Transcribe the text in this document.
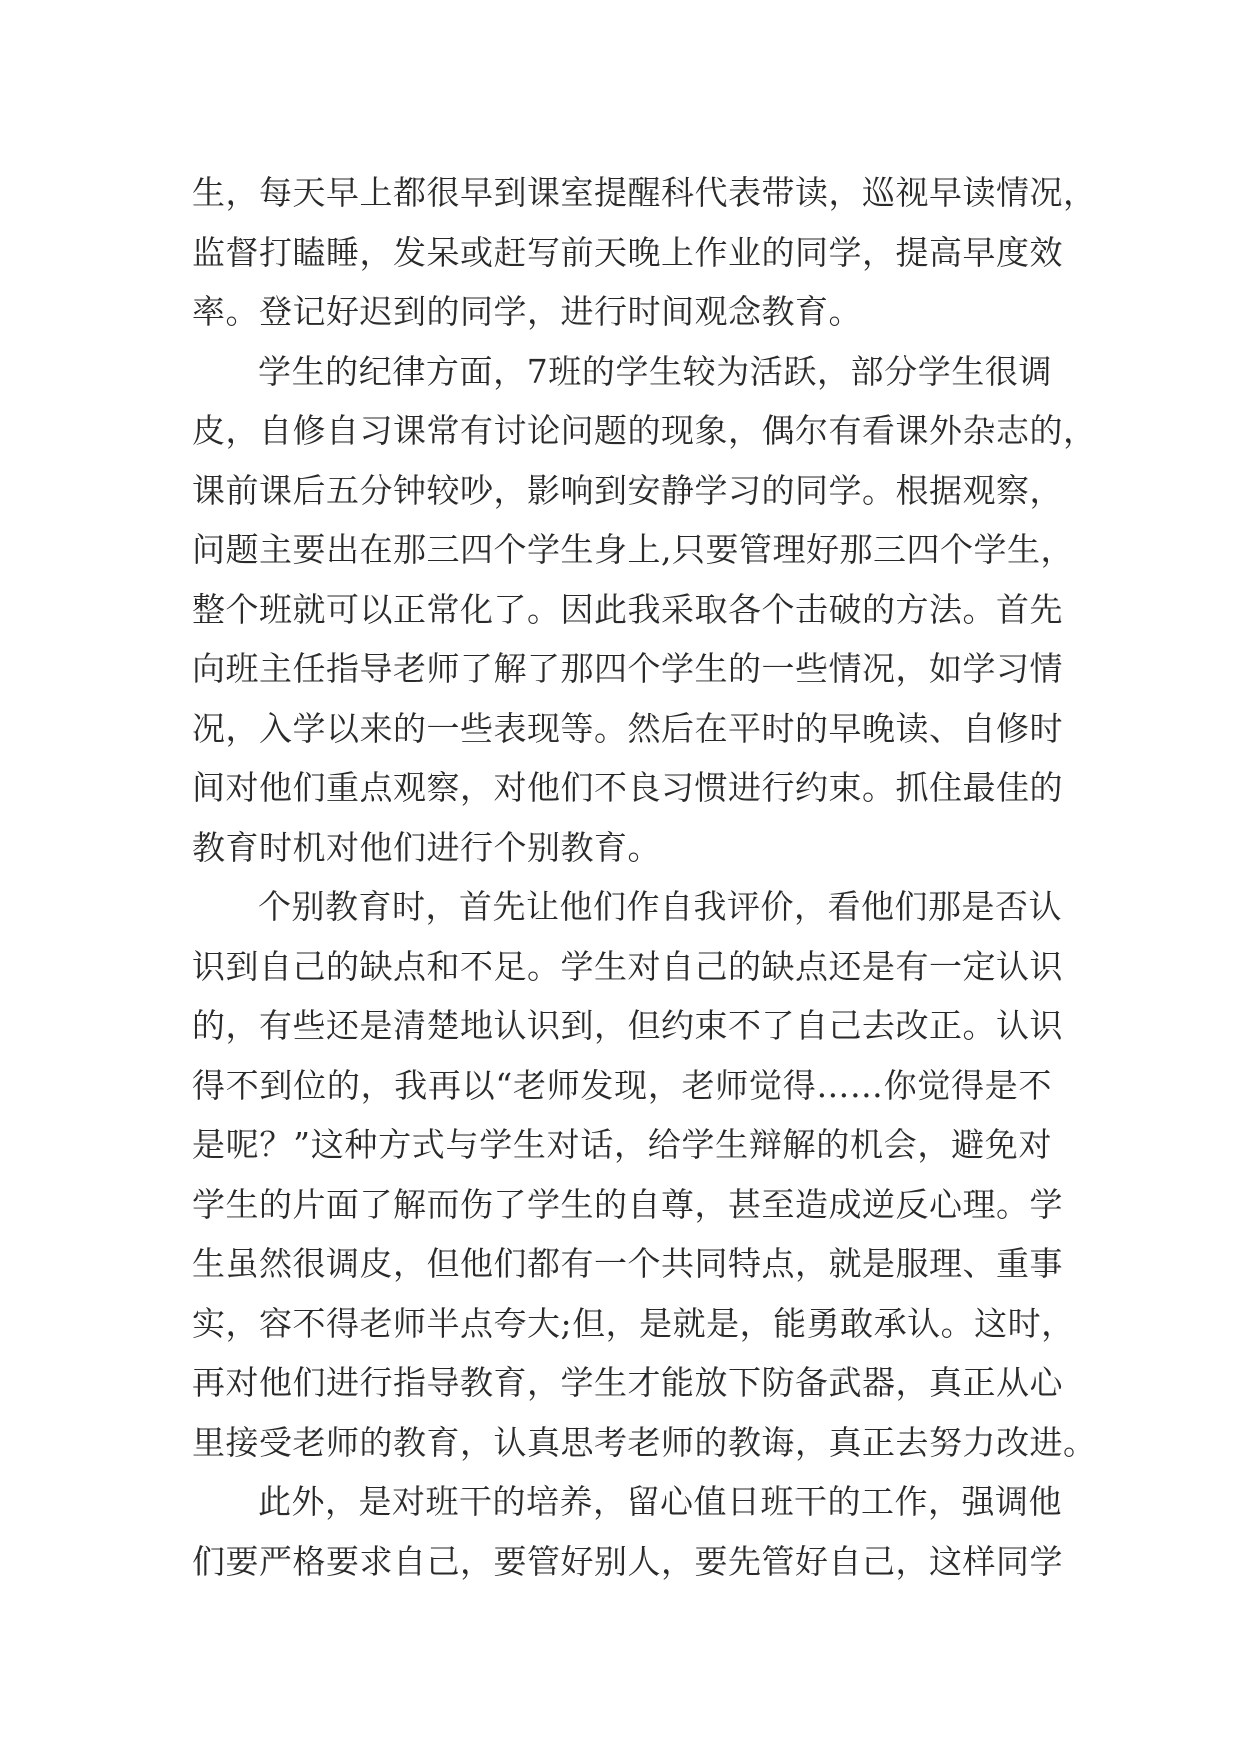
生，每天早上都很早到课室提醒科代表带读，巡视早读情况，
监督打瞌睡，发呆或赶写前天晚上作业的同学，提高早度效
率。登记好迟到的同学，进行时间观念教育。
学生的纪律方面，7班的学生较为活跃，部分学生很调
皮，自修自习课常有讨论问题的现象，偶尔有看课外杂志的，
课前课后五分钟较吵，影响到安静学习的同学。根据观察，
问题主要出在那三四个学生身上,只要管理好那三四个学生，
整个班就可以正常化了。因此我采取各个击破的方法。首先
向班主任指导老师了解了那四个学生的一些情况，如学习情
况，入学以来的一些表现等。然后在平时的早晚读、自修时
间对他们重点观察，对他们不良习惯进行约束。抓住最佳的
教育时机对他们进行个别教育。
个别教育时，首先让他们作自我评价，看他们那是否认
识到自己的缺点和不足。学生对自己的缺点还是有一定认识
的，有些还是清楚地认识到，但约束不了自己去改正。认识
得不到位的，我再以“老师发现，老师觉得……你觉得是不
是呢？”这种方式与学生对话，给学生辩解的机会，避免对
学生的片面了解而伤了学生的自尊，甚至造成逆反心理。学
生虽然很调皮，但他们都有一个共同特点，就是服理、重事
实，容不得老师半点夸大;但，是就是，能勇敢承认。这时，
再对他们进行指导教育，学生才能放下防备武器，真正从心
里接受老师的教育，认真思考老师的教诲，真正去努力改进。
此外，是对班干的培养，留心值日班干的工作，强调他
们要严格要求自己，要管好别人，要先管好自己，这样同学
